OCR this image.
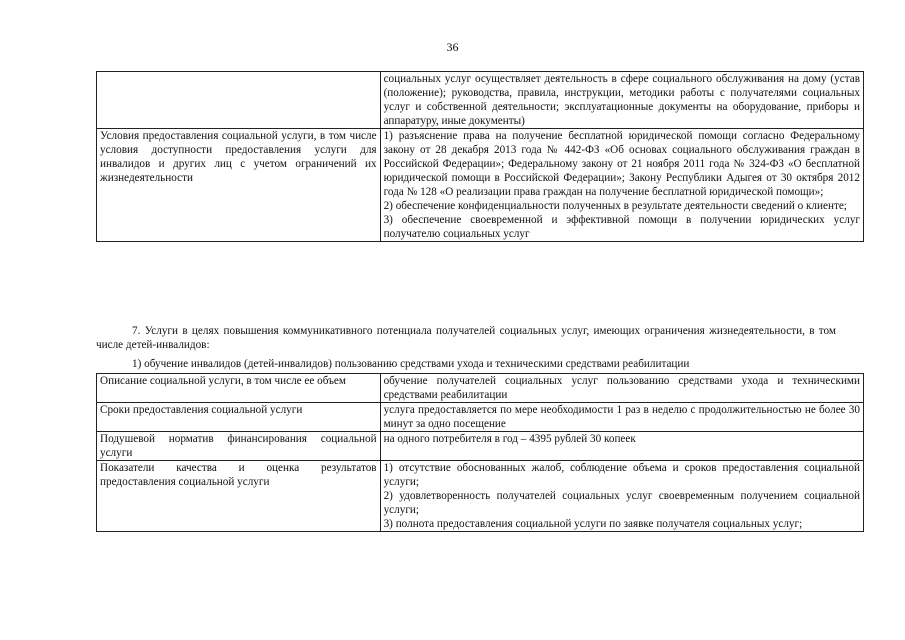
36

	социальных услуг осуществляет деятельность в сфере социального обслуживания на дому (устав (положение); руководства, правила, инструкции, методики работы с получателями социальных услуг и собственной деятельности; эксплуатационные документы на оборудование, приборы и аппаратуру, иные документы)

Условия предоставления социальной услуги, в том числе условия доступности предоставления услуги для инвалидов и других лиц с учетом ограничений их жизнедеятельности	1) разъяснение права на получение бесплатной юридической помощи согласно Федеральному закону от 28 декабря 2013 года № 442-ФЗ «Об основах социального обслуживания граждан в Российской Федерации»; Федеральному закону от 21 ноября 2011 года № 324-ФЗ «О бесплатной юридической помощи в Российской Федерации»; Закону Республики Адыгея от 30 октября 2012 года № 128 «О реализации права граждан на получение бесплатной юридической помощи»;
2) обеспечение конфиденциальности полученных в результате деятельности сведений о клиенте;
3) обеспечение своевременной и эффективной помощи в получении юридических услуг получателю социальных услуг
7. Услуги в целях повышения коммуникативного потенциала получателей социальных услуг, имеющих ограничения жизнедеятельности, в том числе детей-инвалидов:
1) обучение инвалидов (детей-инвалидов) пользованию средствами ухода и техническими средствами реабилитации
Описание социальной услуги, в том числе ее объем	обучение получателей социальных услуг пользованию средствами ухода и техническими средствами реабилитации

Сроки предоставления социальной услуги	услуга предоставляется по мере необходимости 1 раз в неделю с продолжительностью не более 30 минут за одно посещение

Подушевой норматив финансирования социальной услуги	на одного потребителя в год – 4395 рублей 30 копеек

Показатели качества и оценка результатов предоставления социальной услуги	1) отсутствие обоснованных жалоб, соблюдение объема и сроков предоставления социальной услуги;
2) удовлетворенность получателей социальных услуг своевременным получением социальной услуги;
3) полнота предоставления социальной услуги по заявке получателя социальных услуг;
